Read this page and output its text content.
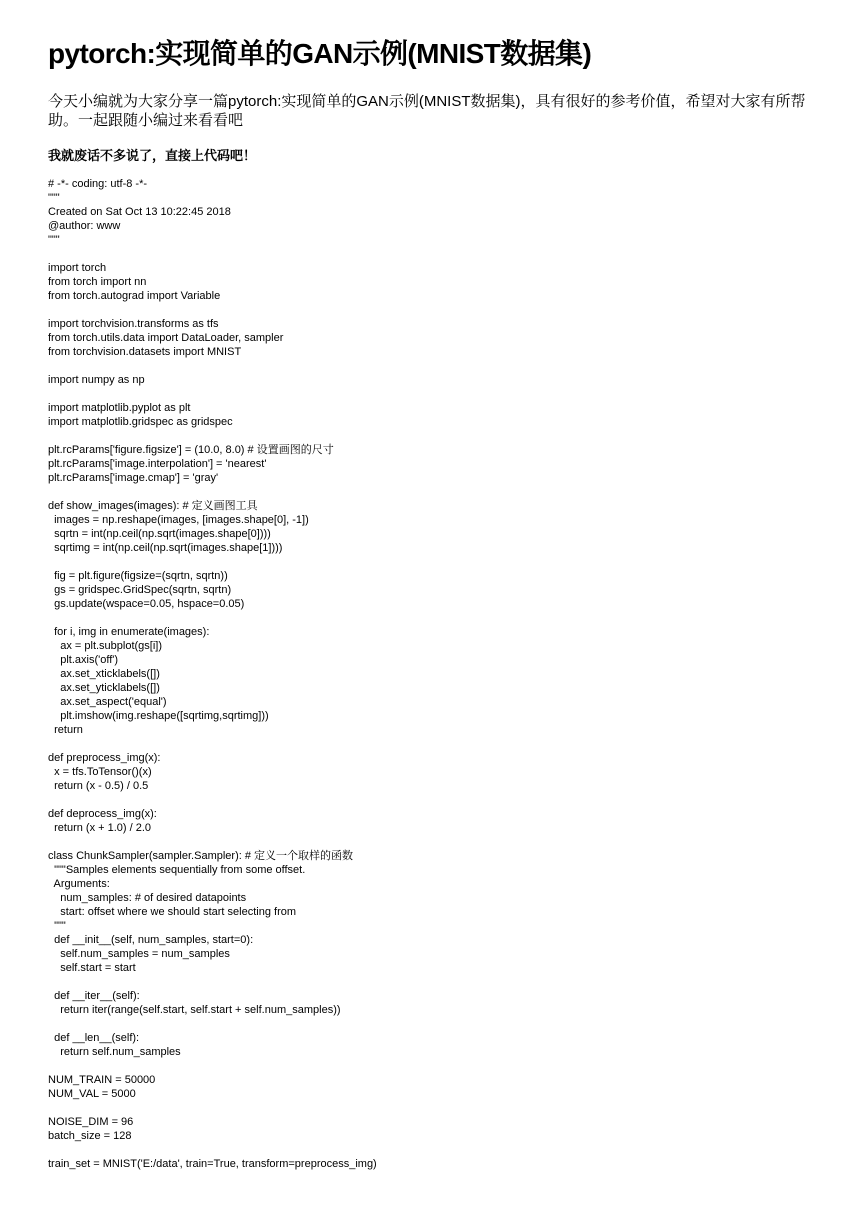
pytorch:实现简单的GAN示例(MNIST数据集)

今天小编就为大家分享一篇pytorch:实现简单的GAN示例(MNIST数据集)，具有很好的参考价值，希望对大家有所帮助。一起跟随小编过来看看吧

我就废话不多说了，直接上代码吧！

# -*- coding: utf-8 -*-
"""
Created on Sat Oct 13 10:22:45 2018
@author: www
"""
import torch
from torch import nn
from torch.autograd import Variable
import torchvision.transforms as tfs
from torch.utils.data import DataLoader, sampler
from torchvision.datasets import MNIST
import numpy as np
import matplotlib.pyplot as plt
import matplotlib.gridspec as gridspec
plt.rcParams['figure.figsize'] = (10.0, 8.0) # 设置画图的尺寸
plt.rcParams['image.interpolation'] = 'nearest'
plt.rcParams['image.cmap'] = 'gray'
def show_images(images): # 定义画图工具
images = np.reshape(images, [images.shape[0], -1])
sqrtn = int(np.ceil(np.sqrt(images.shape[0])))
sqrtimg = int(np.ceil(np.sqrt(images.shape[1])))
fig = plt.figure(figsize=(sqrtn, sqrtn))
gs = gridspec.GridSpec(sqrtn, sqrtn)
gs.update(wspace=0.05, hspace=0.05)
for i, img in enumerate(images):
ax = plt.subplot(gs[i])
plt.axis('off')
ax.set_xticklabels([])
ax.set_yticklabels([])
ax.set_aspect('equal')
plt.imshow(img.reshape([sqrtimg,sqrtimg]))
return
def preprocess_img(x):
x = tfs.ToTensor()(x)
return (x - 0.5) / 0.5
def deprocess_img(x):
return (x + 1.0) / 2.0
class ChunkSampler(sampler.Sampler): # 定义一个取样的函数
"""Samples elements sequentially from some offset.
Arguments:
num_samples: # of desired datapoints
start: offset where we should start selecting from
"""
def __init__(self, num_samples, start=0):
self.num_samples = num_samples
self.start = start
def __iter__(self):
return iter(range(self.start, self.start + self.num_samples))
def __len__(self):
return self.num_samples
NUM_TRAIN = 50000
NUM_VAL = 5000
NOISE_DIM = 96
batch_size = 128
train_set = MNIST('E:/data', train=True, transform=preprocess_img)
